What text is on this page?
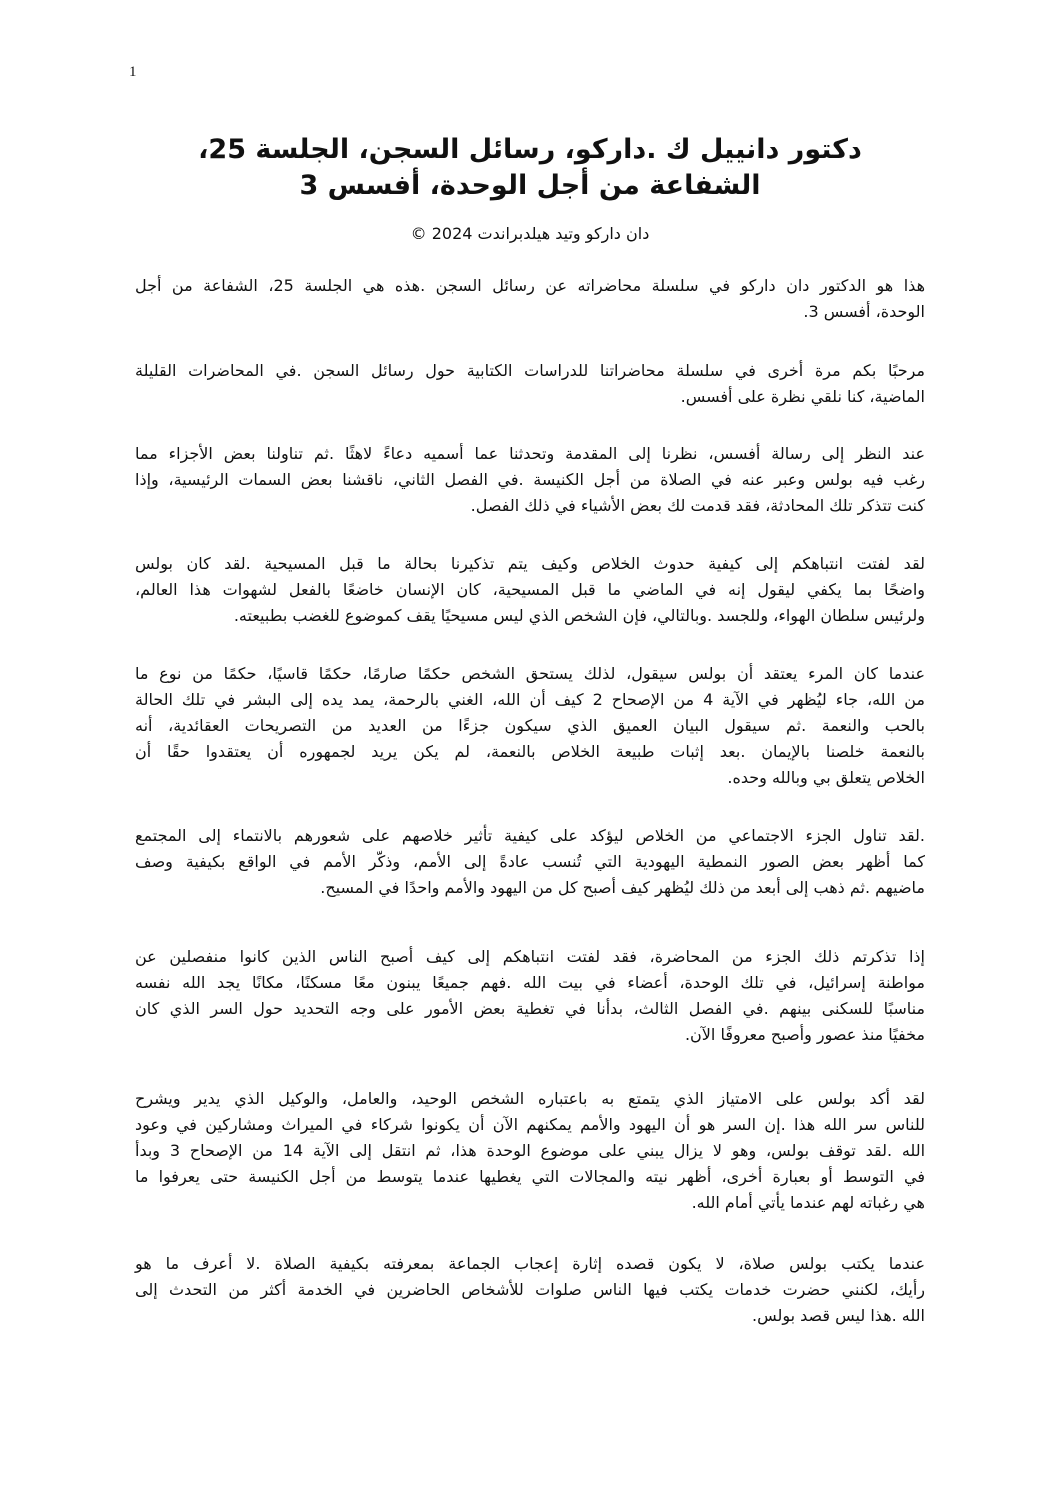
1
دكتور دانييل ك .داركو، رسائل السجن، الجلسة 25،
الشفاعة من أجل الوحدة، أفسس 3
دان داركو وتيد هيلدبراندت 2024 ©
هذا هو الدكتور دان داركو في سلسلة محاضراته عن رسائل السجن .هذه هي الجلسة 25، الشفاعة من أجل
الوحدة، أفسس 3.
مرحبًا بكم مرة أخرى في سلسلة محاضراتنا للدراسات الكتابية حول رسائل السجن .في المحاضرات القليلة
الماضية، كنا نلقي نظرة على أفسس.
عند النظر إلى رسالة أفسس، نظرنا إلى المقدمة وتحدثنا عما أسميه دعاءً لاهثًا .ثم تناولنا بعض الأجزاء مما
رغب فيه بولس وعبر عنه في الصلاة من أجل الكنيسة .في الفصل الثاني، ناقشنا بعض السمات الرئيسية، وإذا
كنت تتذكر تلك المحادثة، فقد قدمت لك بعض الأشياء في ذلك الفصل.
لقد لفتت انتباهكم إلى كيفية حدوث الخلاص وكيف يتم تذكيرنا بحالة ما قبل المسيحية .لقد كان بولس
واضحًا بما يكفي ليقول إنه في الماضي ما قبل المسيحية، كان الإنسان خاضعًا بالفعل لشهوات هذا العالم،
ولرئيس سلطان الهواء، وللجسد .وبالتالي، فإن الشخص الذي ليس مسيحيًا يقف كموضوع للغضب بطبيعته.
عندما كان المرء يعتقد أن بولس سيقول، لذلك يستحق الشخص حكمًا صارمًا، حكمًا قاسيًا، حكمًا من نوع ما
من الله، جاء ليُظهر في الآية 4 من الإصحاح 2 كيف أن الله، الغني بالرحمة، يمد يده إلى البشر في تلك الحالة
بالحب والنعمة .ثم سيقول البيان العميق الذي سيكون جزءًا من العديد من التصريحات العقائدية، أنه
بالنعمة خلصنا بالإيمان .بعد إثبات طبيعة الخلاص بالنعمة، لم يكن يريد لجمهوره أن يعتقدوا حقًا أن
الخلاص يتعلق بي وبالله وحده.
.لقد تناول الجزء الاجتماعي من الخلاص ليؤكد على كيفية تأثير خلاصهم على شعورهم بالانتماء إلى المجتمع
كما أظهر بعض الصور النمطية اليهودية التي تُنسب عادةً إلى الأمم، وذكّر الأمم في الواقع بكيفية وصف
ماضيهم .ثم ذهب إلى أبعد من ذلك ليُظهر كيف أصبح كل من اليهود والأمم واحدًا في المسيح.
إذا تذكرتم ذلك الجزء من المحاضرة، فقد لفتت انتباهكم إلى كيف أصبح الناس الذين كانوا منفصلين عن
مواطنة إسرائيل، في تلك الوحدة، أعضاء في بيت الله .فهم جميعًا يبنون معًا مسكنًا، مكانًا يجد الله نفسه
مناسبًا للسكنى بينهم .في الفصل الثالث، بدأنا في تغطية بعض الأمور على وجه التحديد حول السر الذي كان
مخفيًا منذ عصور وأصبح معروفًا الآن.
لقد أكد بولس على الامتياز الذي يتمتع به باعتباره الشخص الوحيد، والعامل، والوكيل الذي يدير ويشرح
للناس سر الله هذا .إن السر هو أن اليهود والأمم يمكنهم الآن أن يكونوا شركاء في الميراث ومشاركين في وعود
الله .لقد توقف بولس، وهو لا يزال يبني على موضوع الوحدة هذا، ثم انتقل إلى الآية 14 من الإصحاح 3 وبدأ
في التوسط أو بعبارة أخرى، أظهر نيته والمجالات التي يغطيها عندما يتوسط من أجل الكنيسة حتى يعرفوا ما
هي رغباته لهم عندما يأتي أمام الله.
عندما يكتب بولس صلاة، لا يكون قصده إثارة إعجاب الجماعة بمعرفته بكيفية الصلاة .لا أعرف ما هو
رأيك، لكنني حضرت خدمات يكتب فيها الناس صلوات للأشخاص الحاضرين في الخدمة أكثر من التحدث إلى
الله .هذا ليس قصد بولس.
